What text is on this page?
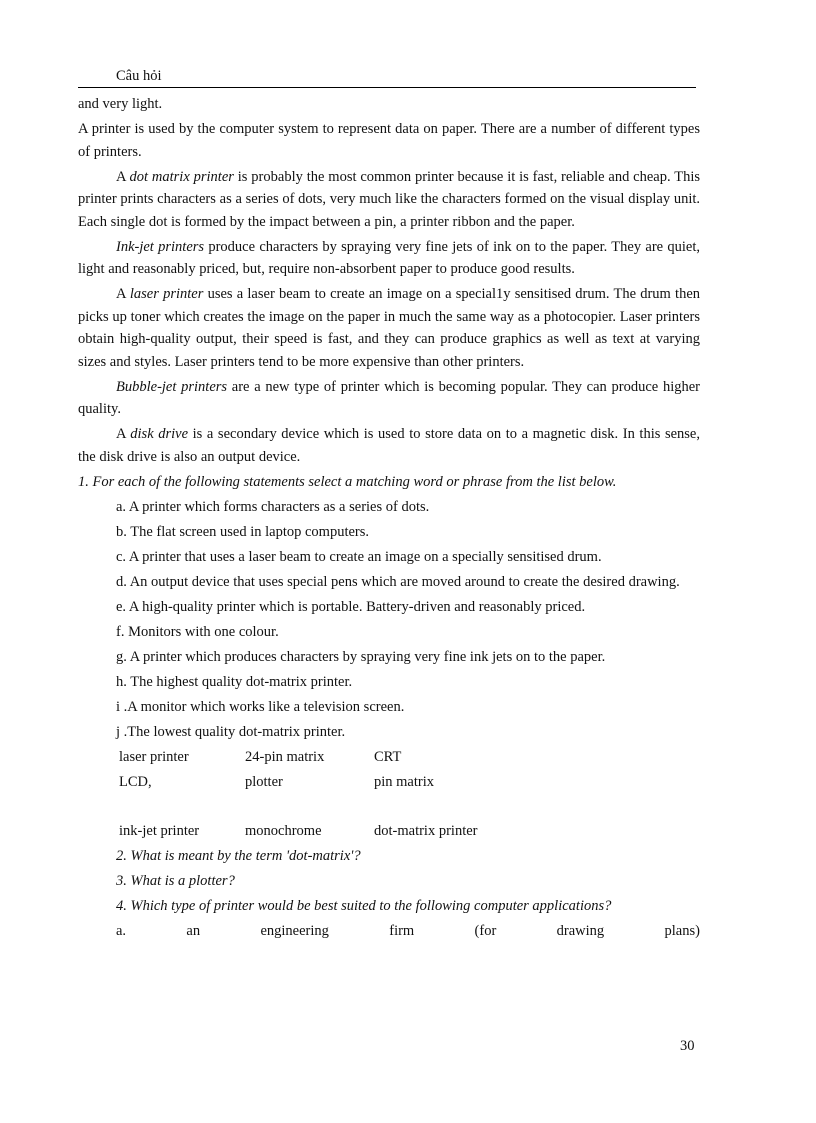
Câu hỏi

and very light.

A printer is used by the computer system to represent data on paper. There are a number of different types of printers.

A dot matrix printer is probably the most common printer because it is fast, reliable and cheap. This printer prints characters as a series of dots, very much like the characters formed on the visual display unit. Each single dot is formed by the impact between a pin, a printer ribbon and the paper.

Ink-jet printers produce characters by spraying very fine jets of ink on to the paper. They are quiet, light and reasonably priced, but, require non-absorbent paper to produce good results.

A laser printer uses a laser beam to create an image on a special1y sensitised drum. The drum then picks up toner which creates the image on the paper in much the same way as a photocopier. Laser printers obtain high-quality output, their speed is fast, and they can produce graphics as well as text at varying sizes and styles. Laser printers tend to be more expensive than other printers.

Bubble-jet printers are a new type of printer which is becoming popular. They can produce higher quality.

A disk drive is a secondary device which is used to store data on to a magnetic disk. In this sense, the disk drive is also an output device.

1. For each of the following statements select a matching word or phrase from the list below.

a. A printer which forms characters as a series of dots.

b. The flat screen used in laptop computers.

c. A printer that uses a laser beam to create an image on a specially sensitised drum.

d. An output device that uses special pens which are moved around to create the desired drawing.

e. A high-quality printer which is portable. Battery-driven and reasonably priced.

f. Monitors with one colour.

g. A printer which produces characters by spraying very fine ink jets on to the paper.

h. The highest quality dot-matrix printer.

i .A monitor which works like a television screen.

j .The lowest quality dot-matrix printer.

laser printer	24-pin matrix	CRT
LCD,	plotter	pin matrix
ink-jet printer	monochrome	dot-matrix printer

2. What is meant by the term 'dot-matrix'?

3. What is a plotter?

4. Which type of printer would be best suited to the following computer applications?

a.	an	engineering	firm	(for	drawing	plans)
30
